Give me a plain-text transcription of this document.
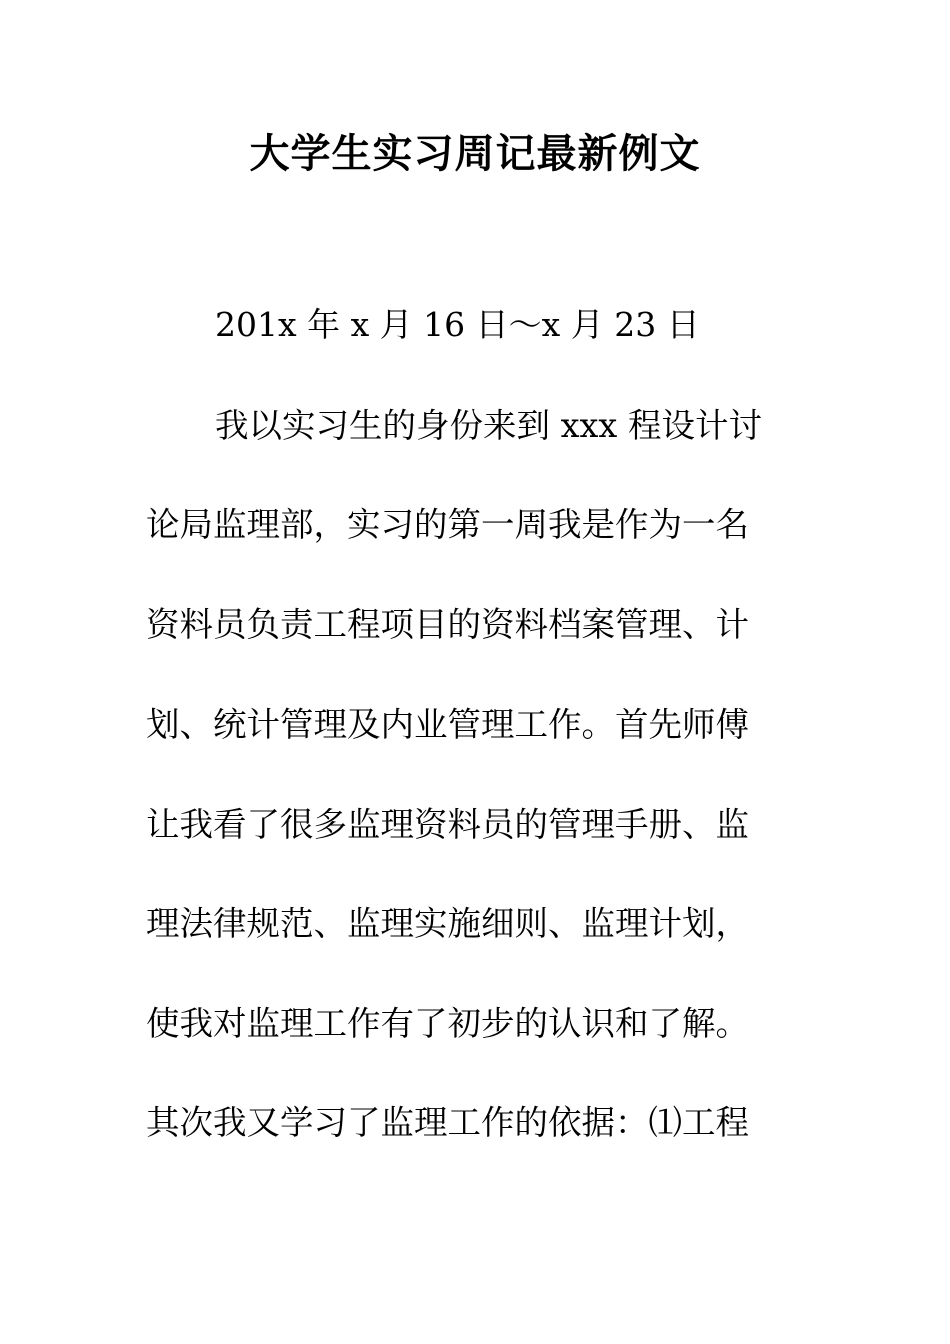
大学生实习周记最新例文
201x 年 x 月 16 日～x 月 23 日
我以实习生的身份来到 xxx 程设计讨
论局监理部，实习的第一周我是作为一名
资料员负责工程项目的资料档案管理、计
划、统计管理及内业管理工作。首先师傅
让我看了很多监理资料员的管理手册、监
理法律规范、监理实施细则、监理计划，
使我对监理工作有了初步的认识和了解。
其次我又学习了监理工作的依据：⑴工程
